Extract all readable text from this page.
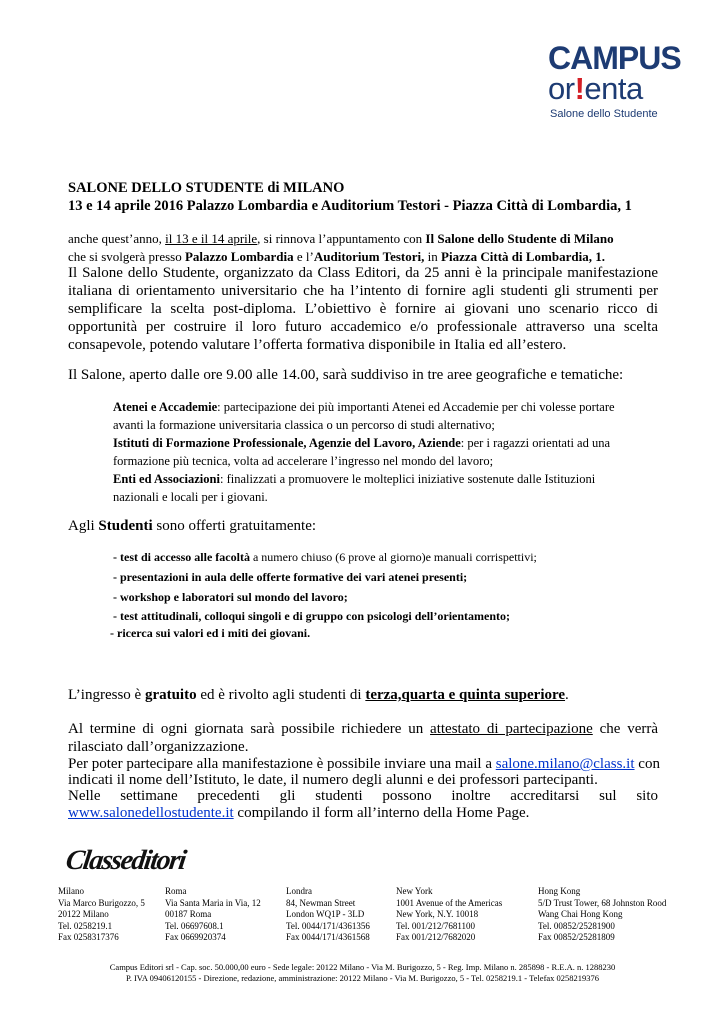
CAMPUS
or!enta
Salone dello Studente
SALONE DELLO STUDENTE di MILANO
13 e 14 aprile 2016 Palazzo Lombardia e Auditorium Testori - Piazza Città di Lombardia, 1
anche quest’anno, il 13 e il 14 aprile, si rinnova l’appuntamento con Il Salone dello Studente di Milano
che si svolgerà presso Palazzo Lombardia e l’Auditorium Testori, in Piazza Città di Lombardia, 1.
Il Salone dello Studente, organizzato da Class Editori, da 25 anni è la principale manifestazione
italiana di orientamento universitario che ha l’intento di fornire agli studenti gli strumenti per
semplificare la scelta post-diploma. L’obiettivo è fornire ai giovani uno scenario ricco di
opportunità per costruire il loro futuro accademico e/o professionale attraverso una scelta
consapevole, potendo valutare l’offerta formativa disponibile in Italia ed all’estero.
Il Salone, aperto dalle ore 9.00 alle 14.00, sarà suddiviso in tre aree geografiche e tematiche:

Atenei e Accademie: partecipazione dei più importanti Atenei ed Accademie per chi volesse portare
avanti la formazione universitaria classica o un percorso di studi alternativo;

Istituti di Formazione Professionale, Agenzie del Lavoro, Aziende: per i ragazzi orientati ad una
formazione più tecnica, volta ad accelerare l’ingresso nel mondo del lavoro;

Enti ed Associazioni: finalizzati a promuovere le molteplici iniziative sostenute dalle Istituzioni
nazionali e locali per i giovani.

Agli Studenti sono offerti gratuitamente:
- test di accesso alle facoltà a numero chiuso (6 prove al giorno)e manuali corrispettivi;
- presentazioni in aula delle offerte formative dei vari atenei presenti;
- workshop e laboratori sul mondo del lavoro;
- test attitudinali, colloqui singoli e di gruppo con psicologi dell’orientamento;
- ricerca sui valori ed i miti dei giovani.
L’ingresso è gratuito ed è rivolto agli studenti di terza,quarta e quinta superiore.
Al termine di ogni giornata sarà possibile richiedere un attestato di partecipazione che verrà
rilasciato dall’organizzazione.
Per poter partecipare alla manifestazione è possibile inviare una mail a salone.milano@class.it con
indicati il nome dell’Istituto, le date, il numero degli alunni e dei professori partecipanti.
Nelle settimane precedenti gli studenti possono inoltre accreditarsi sul sito
www.salonedellostudente.it compilando il form all’interno della Home Page.
Classeditori
Milano
Via Marco Burigozzo, 5
20122 Milano
Tel. 0258219.1
Fax 0258317376
Roma
Via Santa Maria in Via, 12
00187 Roma
Tel. 06697608.1
Fax 0669920374
Londra
84, Newman Street
London WQ1P - 3LD
Tel. 0044/171/4361356
Fax 0044/171/4361568
New York
1001 Avenue of the Americas
New York, N.Y. 10018
Tel. 001/212/7681100
Fax 001/212/7682020
Hong Kong
5/D Trust Tower, 68 Johnston Rood
Wang Chai Hong Kong
Tel. 00852/25281900
Fax 00852/25281809
Campus Editori srl - Cap. soc. 50.000,00 euro - Sede legale: 20122 Milano - Via M. Burigozzo, 5 - Reg. Imp. Milano n. 285898 - R.E.A. n. 1288230
P. IVA 09406120155 - Direzione, redazione, amministrazione: 20122 Milano - Via M. Burigozzo, 5 - Tel. 0258219.1 - Telefax 0258219376
